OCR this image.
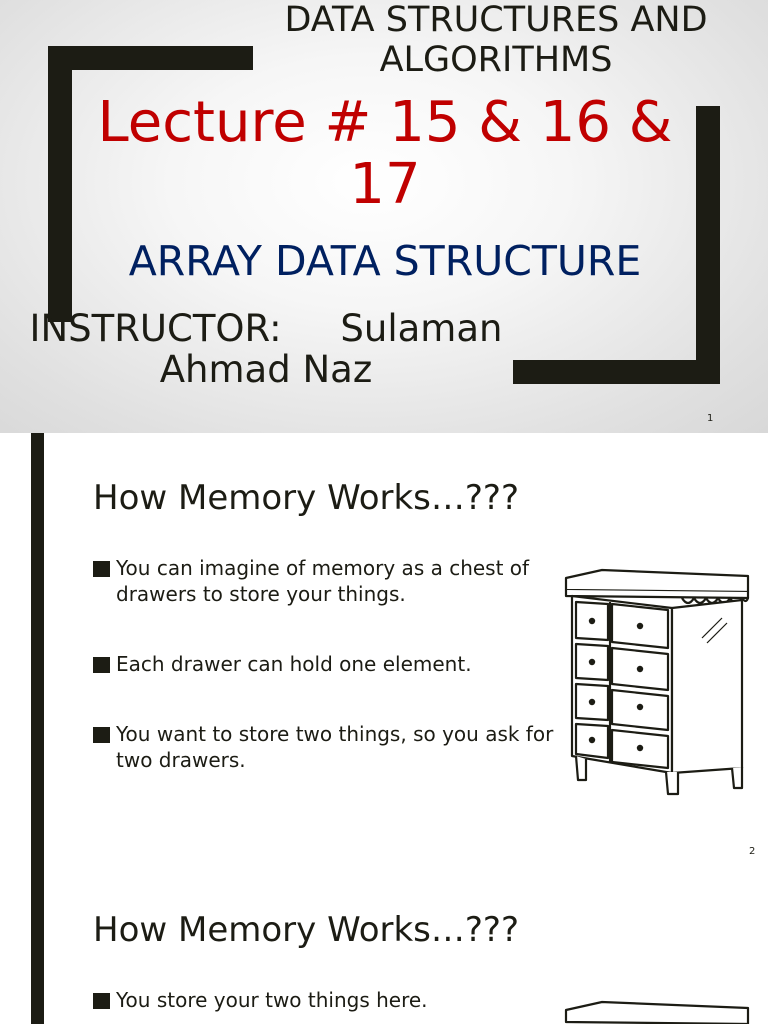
DATA STRUCTURES AND
ALGORITHMS
Lecture # 15 & 16 &
17
ARRAY DATA STRUCTURE
INSTRUCTOR:     Sulaman
Ahmad Naz
1
How Memory Works…???
You can imagine of memory as a chest of drawers to store your things.
Each drawer can hold one element.
You want to store two things, so you ask for two drawers.
2
How Memory Works…???
You store your two things here.
